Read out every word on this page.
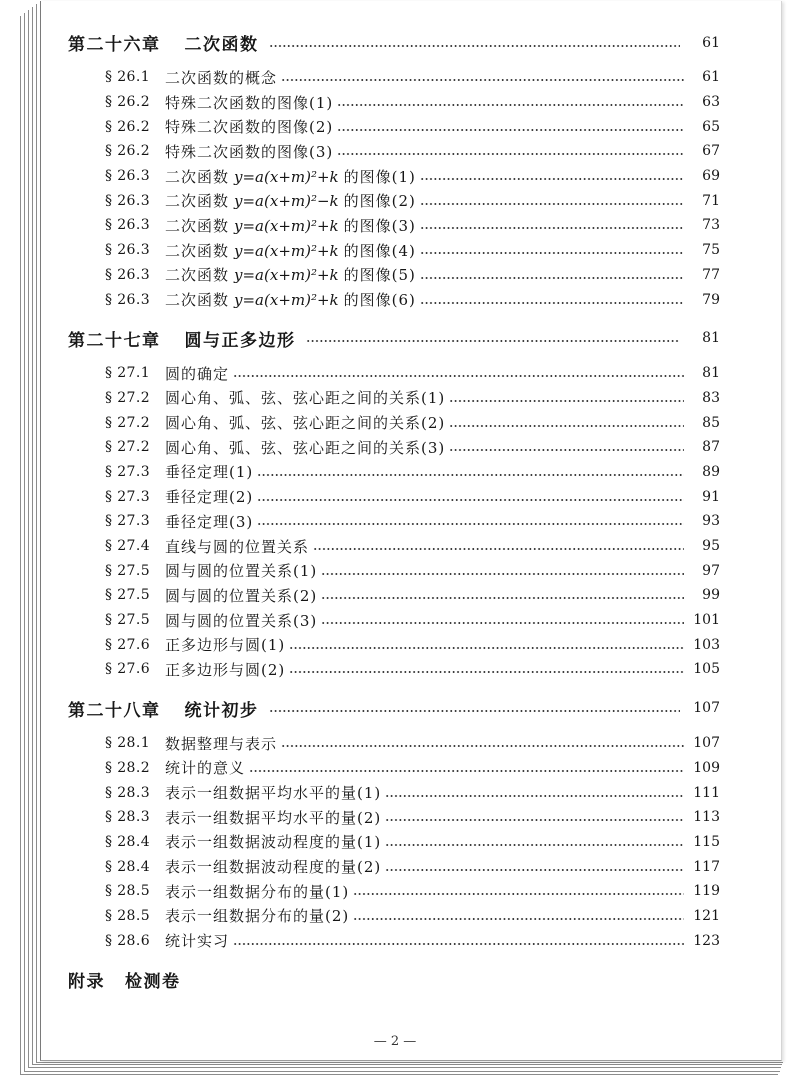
第二十六章 二次函数	61
§ 26.1 二次函数的概念	61
§ 26.2 特殊二次函数的图像(1)	63
§ 26.2 特殊二次函数的图像(2)	65
§ 26.2 特殊二次函数的图像(3)	67
§ 26.3 二次函数 y=a(x+m)²+k 的图像(1)	69
§ 26.3 二次函数 y=a(x+m)²−k 的图像(2)	71
§ 26.3 二次函数 y=a(x+m)²+k 的图像(3)	73
§ 26.3 二次函数 y=a(x+m)²+k 的图像(4)	75
§ 26.3 二次函数 y=a(x+m)²+k 的图像(5)	77
§ 26.3 二次函数 y=a(x+m)²+k 的图像(6)	79
第二十七章 圆与正多边形	81
§ 27.1 圆的确定	81
§ 27.2 圆心角、弧、弦、弦心距之间的关系(1)	83
§ 27.2 圆心角、弧、弦、弦心距之间的关系(2)	85
§ 27.2 圆心角、弧、弦、弦心距之间的关系(3)	87
§ 27.3 垂径定理(1)	89
§ 27.3 垂径定理(2)	91
§ 27.3 垂径定理(3)	93
§ 27.4 直线与圆的位置关系	95
§ 27.5 圆与圆的位置关系(1)	97
§ 27.5 圆与圆的位置关系(2)	99
§ 27.5 圆与圆的位置关系(3)	101
§ 27.6 正多边形与圆(1)	103
§ 27.6 正多边形与圆(2)	105
第二十八章 统计初步	107
§ 28.1 数据整理与表示	107
§ 28.2 统计的意义	109
§ 28.3 表示一组数据平均水平的量(1)	111
§ 28.3 表示一组数据平均水平的量(2)	113
§ 28.4 表示一组数据波动程度的量(1)	115
§ 28.4 表示一组数据波动程度的量(2)	117
§ 28.5 表示一组数据分布的量(1)	119
§ 28.5 表示一组数据分布的量(2)	121
§ 28.6 统计实习	123
附录 检测卷
— 2 —
